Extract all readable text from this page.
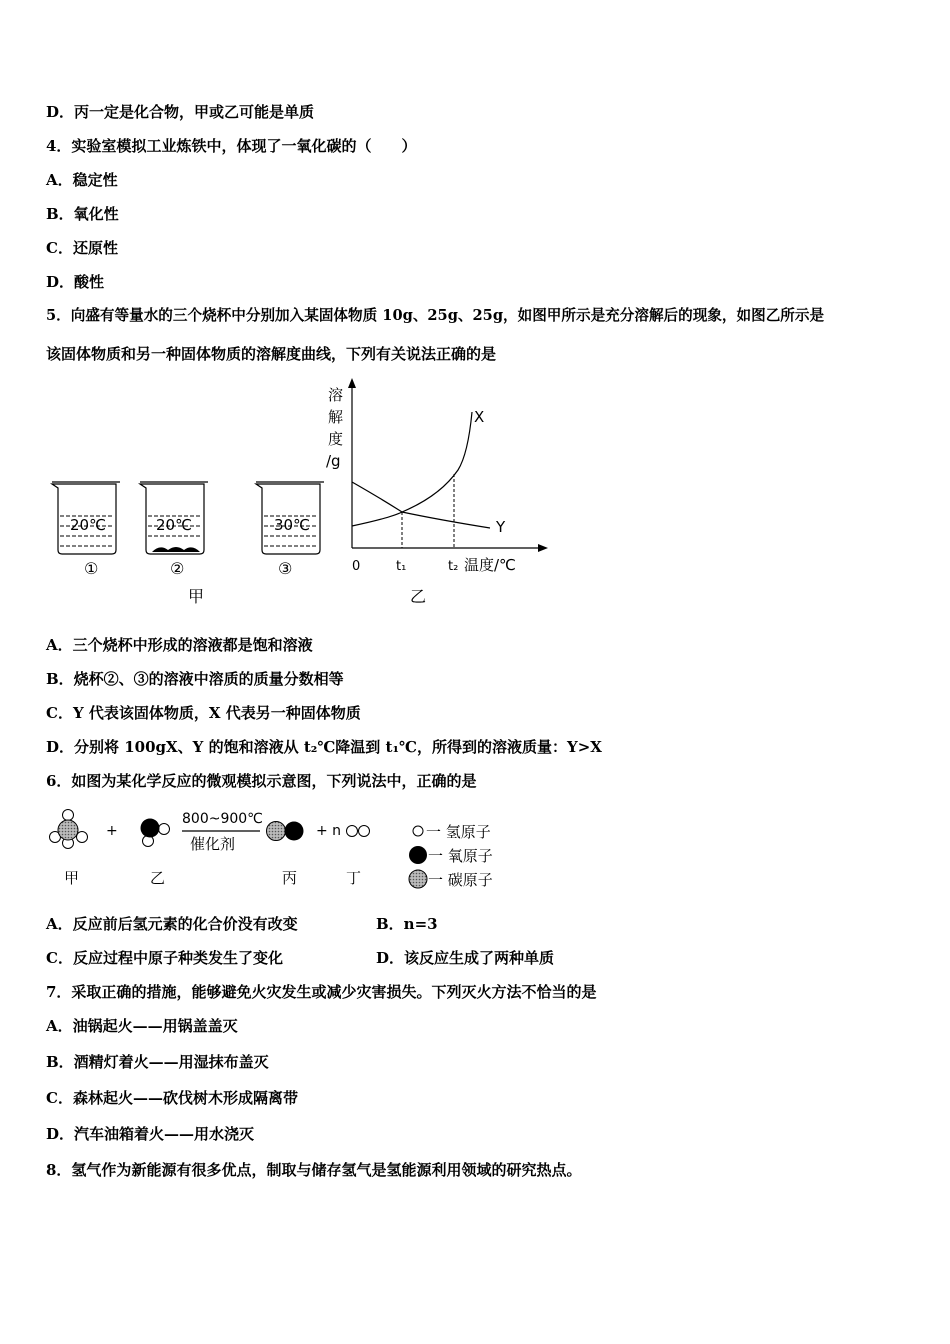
D．丙一定是化合物，甲或乙可能是单质
4．实验室模拟工业炼铁中，体现了一氧化碳的（　　）
A．稳定性
B．氧化性
C．还原性
D．酸性
5．向盛有等量水的三个烧杯中分别加入某固体物质 10g、25g、25g，如图甲所示是充分溶解后的现象，如图乙所示是
该固体物质和另一种固体物质的溶解度曲线，下列有关说法正确的是
20℃
①
20℃
②
30℃
③
甲
溶
解
度
/g
X
Y
0	t₁	t₂ 温度/℃
乙
A．三个烧杯中形成的溶液都是饱和溶液
B．烧杯②、③的溶液中溶质的质量分数相等
C．Y 代表该固体物质，X 代表另一种固体物质
D．分别将 100gX、Y 的饱和溶液从 t₂℃降温到 t₁℃，所得到的溶液质量：Y>X
6．如图为某化学反应的微观模拟示意图，下列说法中，正确的是
+
800~900℃
催化剂
+ n
甲	乙	丙	丁
一 氢原子
一 氧原子
一 碳原子
A．反应前后氢元素的化合价没有改变	B．n=3
C．反应过程中原子种类发生了变化	D．该反应生成了两种单质
7．采取正确的措施，能够避免火灾发生或减少灾害损失。下列灭火方法不恰当的是
A．油锅起火——用锅盖盖灭
B．酒精灯着火——用湿抹布盖灭
C．森林起火——砍伐树木形成隔离带
D．汽车油箱着火——用水浇灭
8．氢气作为新能源有很多优点，制取与储存氢气是氢能源利用领域的研究热点。
